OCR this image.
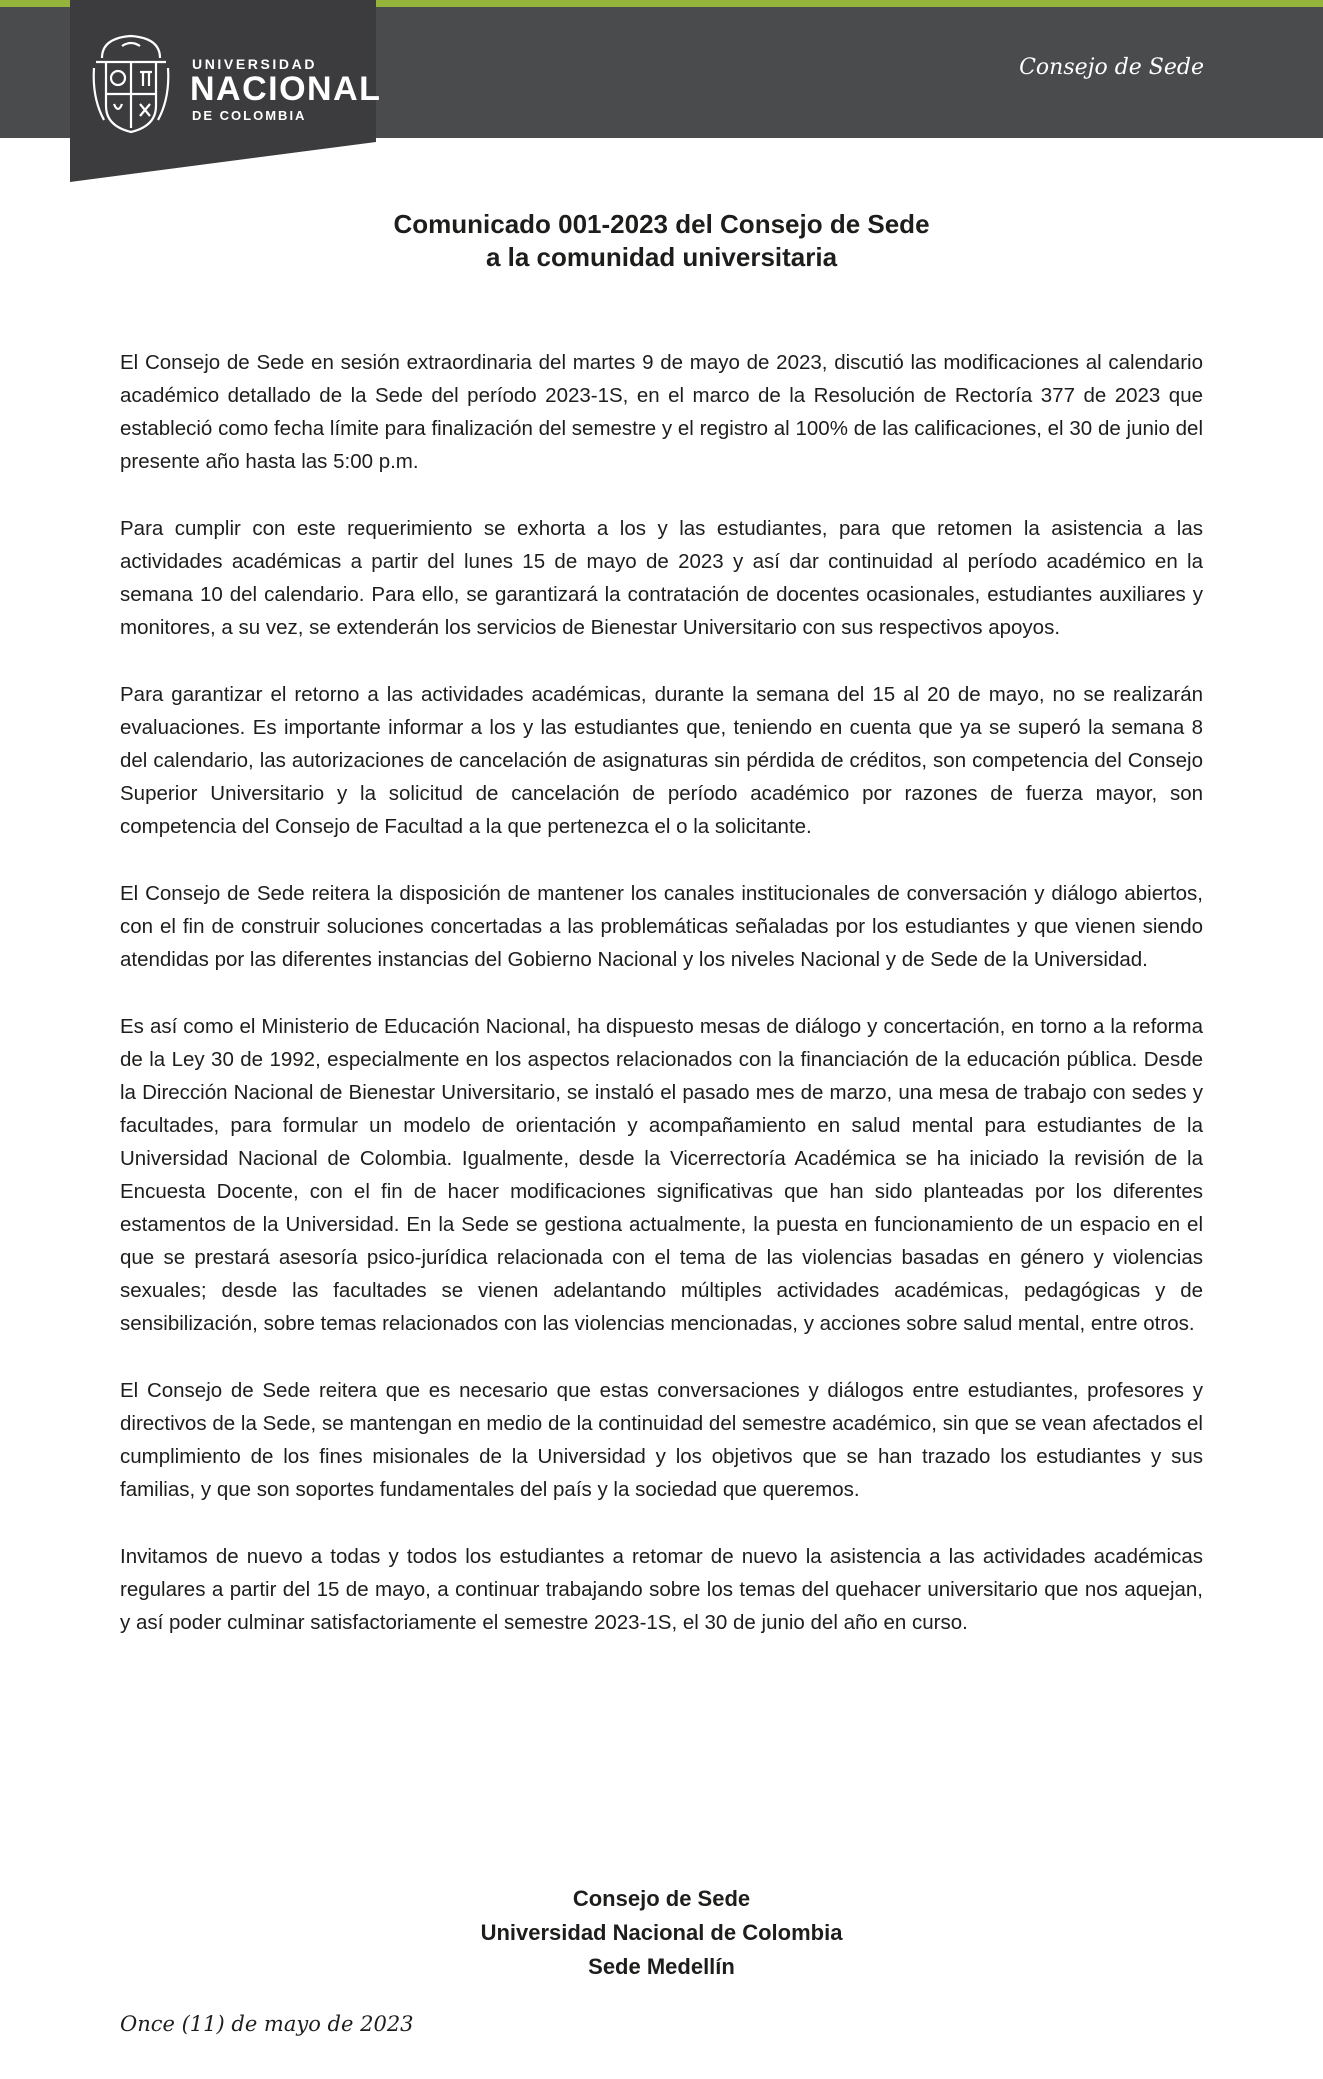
UNIVERSIDAD
NACIONAL
DE COLOMBIA
Consejo de Sede
Comunicado 001-2023 del Consejo de Sede
a la comunidad universitaria

El Consejo de Sede en sesión extraordinaria del martes 9 de mayo de 2023, discutió las modificaciones al calendario académico detallado de la Sede del período 2023-1S, en el marco de la Resolución de Rectoría 377 de 2023 que estableció como fecha límite para finalización del semestre y el registro al 100% de las calificaciones, el 30 de junio del presente año hasta las 5:00 p.m.

Para cumplir con este requerimiento se exhorta a los y las estudiantes, para que retomen la asistencia a las actividades académicas a partir del lunes 15 de mayo de 2023 y así dar continuidad al período académico en la semana 10 del calendario. Para ello, se garantizará la contratación de docentes ocasionales, estudiantes auxiliares y monitores, a su vez, se extenderán los servicios de Bienestar Universitario con sus respectivos apoyos.

Para garantizar el retorno a las actividades académicas, durante la semana del 15 al 20 de mayo, no se realizarán evaluaciones. Es importante informar a los y las estudiantes que, teniendo en cuenta que ya se superó la semana 8 del calendario, las autorizaciones de cancelación de asignaturas sin pérdida de créditos, son competencia del Consejo Superior Universitario y la solicitud de cancelación de período académico por razones de fuerza mayor, son competencia del Consejo de Facultad a la que pertenezca el o la solicitante.

El Consejo de Sede reitera la disposición de mantener los canales institucionales de conversación y diálogo abiertos, con el fin de construir soluciones concertadas a las problemáticas señaladas por los estudiantes y que vienen siendo atendidas por las diferentes instancias del Gobierno Nacional y los niveles Nacional y de Sede de la Universidad.

Es así como el Ministerio de Educación Nacional, ha dispuesto mesas de diálogo y concertación, en torno a la reforma de la Ley 30 de 1992, especialmente en los aspectos relacionados con la financiación de la educación pública. Desde la Dirección Nacional de Bienestar Universitario, se instaló el pasado mes de marzo, una mesa de trabajo con sedes y facultades, para formular un modelo de orientación y acompañamiento en salud mental para estudiantes de la Universidad Nacional de Colombia. Igualmente, desde la Vicerrectoría Académica se ha iniciado la revisión de la Encuesta Docente, con el fin de hacer modificaciones significativas que han sido planteadas por los diferentes estamentos de la Universidad. En la Sede se gestiona actualmente, la puesta en funcionamiento de un espacio en el que se prestará asesoría psico-jurídica relacionada con el tema de las violencias basadas en género y violencias sexuales; desde las facultades se vienen adelantando múltiples actividades académicas, pedagógicas y de sensibilización, sobre temas relacionados con las violencias mencionadas, y acciones sobre salud mental, entre otros.

El Consejo de Sede reitera que es necesario que estas conversaciones y diálogos entre estudiantes, profesores y directivos de la Sede, se mantengan en medio de la continuidad del semestre académico, sin que se vean afectados el cumplimiento de los fines misionales de la Universidad y los objetivos que se han trazado los estudiantes y sus familias, y que son soportes fundamentales del país y la sociedad que queremos.

Invitamos de nuevo a todas y todos los estudiantes a retomar de nuevo la asistencia a las actividades académicas regulares a partir del 15 de mayo, a continuar trabajando sobre los temas del quehacer universitario que nos aquejan, y así poder culminar satisfactoriamente el semestre 2023-1S, el 30 de junio del año en curso.

Consejo de Sede
Universidad Nacional de Colombia
Sede Medellín
Once (11) de mayo de 2023
